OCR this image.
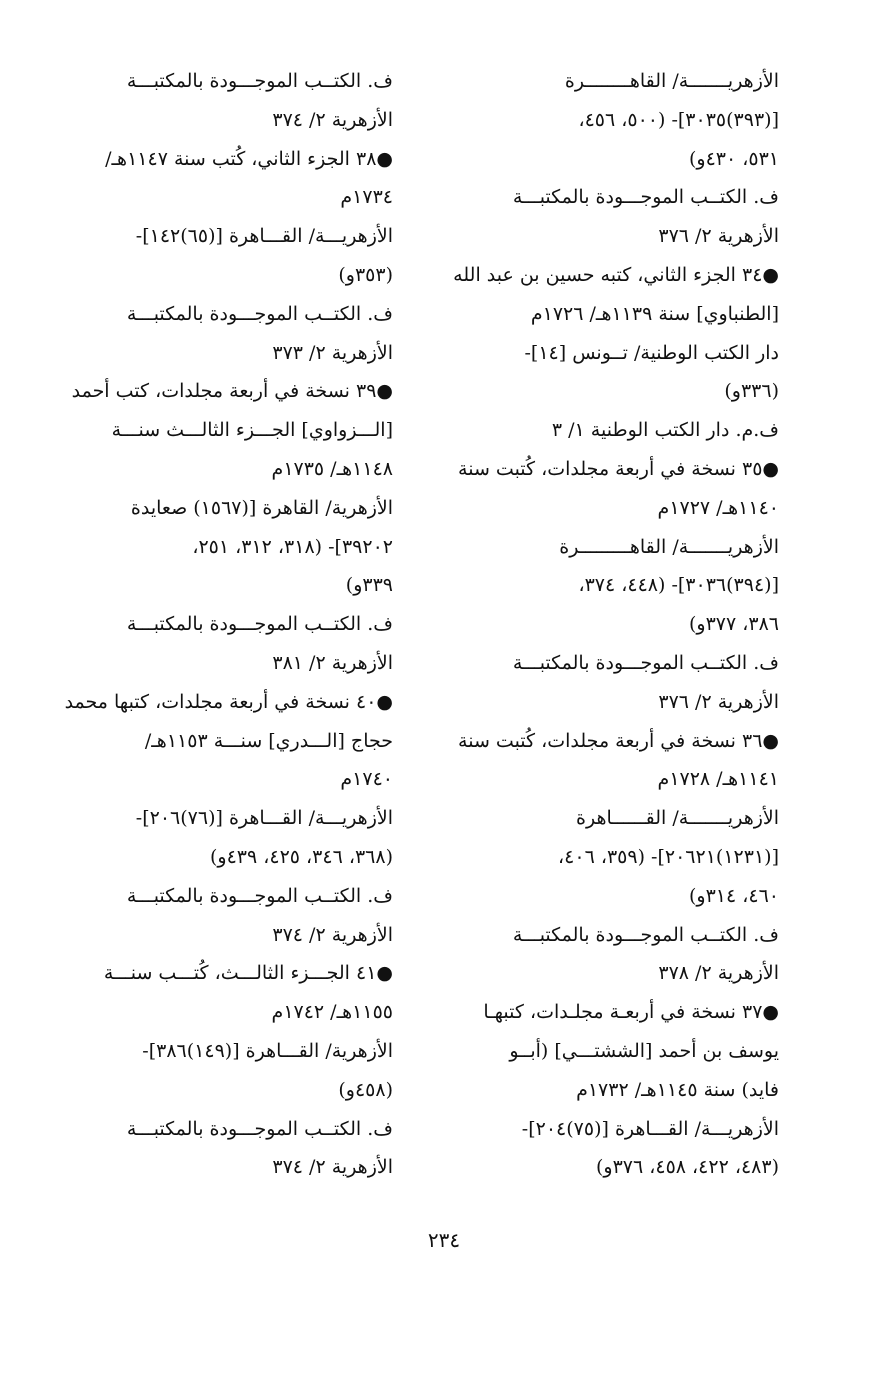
الأزهريـــــــة/ القاهــــــــرة
[(٣٩٣)٣٠٣٥]- (٥٠٠، ٤٥٦،
٥٣١، ٤٣٠و)
ف. الكتــب الموجـــودة بالمكتبـــة
الأزهرية ٢/ ٣٧٦
●٣٤ الجزء الثاني، كتبه حسين بن عبد الله
[الطنباوي] سنة ١١٣٩هـ/ ١٧٢٦م
دار الكتب الوطنية/ تــونس [١٤]-
(٣٣٦و)
ف.م. دار الكتب الوطنية ١/ ٣
●٣٥ نسخة في أربعة مجلدات، كُتبت سنة
١١٤٠هـ/ ١٧٢٧م
الأزهريـــــــة/ القاهـــــــــرة
[(٣٩٤)٣٠٣٦]- (٤٤٨، ٣٧٤،
٣٨٦، ٣٧٧و)
ف. الكتــب الموجـــودة بالمكتبـــة
الأزهرية ٢/ ٣٧٦
●٣٦ نسخة في أربعة مجلدات، كُتبت سنة
١١٤١هـ/ ١٧٢٨م
الأزهريـــــــة/ القــــــاهرة
[(١٢٣١)٢٠٦٢١]- (٣٥٩، ٤٠٦،
٤٦٠، ٣١٤و)
ف. الكتــب الموجـــودة بالمكتبـــة
الأزهرية ٢/ ٣٧٨
●٣٧ نسخة في أربعـة مجلـدات، كتبهـا
يوسف بن أحمد [الششتـــي] (أبــو
فايد) سنة ١١٤٥هـ/ ١٧٣٢م
الأزهريـــة/ القـــاهرة [(٧٥)٢٠٤]-
(٤٨٣، ٤٢٢، ٤٥٨، ٣٧٦و)
ف. الكتــب الموجـــودة بالمكتبـــة
الأزهرية ٢/ ٣٧٤
●٣٨ الجزء الثاني، كُتب سنة ١١٤٧هـ/
١٧٣٤م
الأزهريـــة/ القـــاهرة [(٦٥)١٤٢]-
(٣٥٣و)
ف. الكتــب الموجـــودة بالمكتبـــة
الأزهرية ٢/ ٣٧٣
●٣٩ نسخة في أربعة مجلدات، كتب أحمد
[الـــزواوي] الجـــزء الثالـــث سنـــة
١١٤٨هـ/ ١٧٣٥م
الأزهرية/ القاهرة [(١٥٦٧) صعايدة
٣٩٢٠٢]- (٣١٨، ٣١٢، ٢٥١،
٣٣٩و)
ف. الكتــب الموجـــودة بالمكتبـــة
الأزهرية ٢/ ٣٨١
●٤٠ نسخة في أربعة مجلدات، كتبها محمد
حجاج [الـــدري] سنـــة ١١٥٣هـ/
١٧٤٠م
الأزهريـــة/ القـــاهرة [(٧٦)٢٠٦]-
(٣٦٨، ٣٤٦، ٤٢٥، ٤٣٩و)
ف. الكتــب الموجـــودة بالمكتبـــة
الأزهرية ٢/ ٣٧٤
●٤١ الجـــزء الثالـــث، كُتـــب سنـــة
١١٥٥هـ/ ١٧٤٢م
الأزهرية/ القـــاهرة [(١٤٩)٣٨٦]-
(٤٥٨و)
ف. الكتــب الموجـــودة بالمكتبـــة
الأزهرية ٢/ ٣٧٤
٢٣٤
